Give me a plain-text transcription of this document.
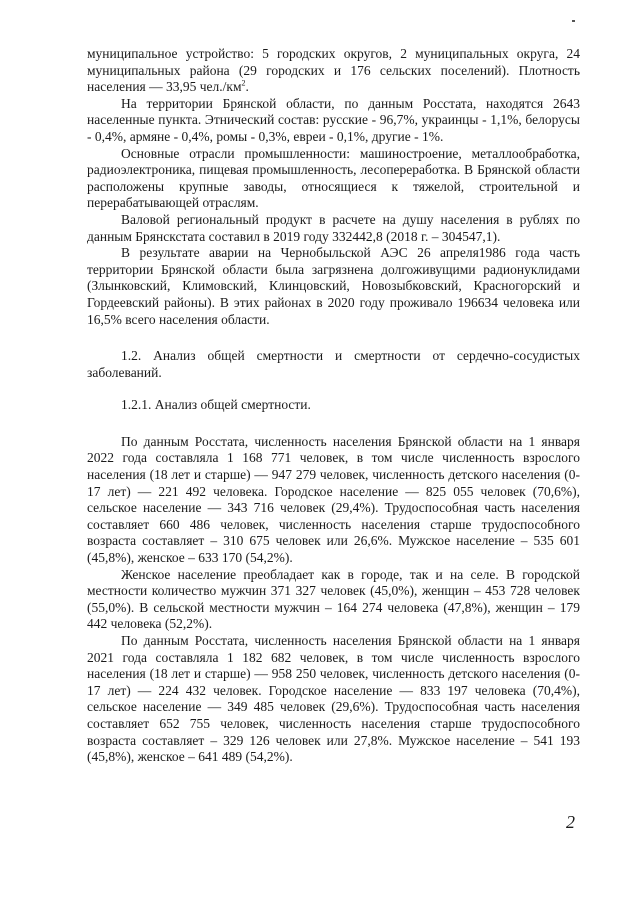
муниципальное устройство: 5 городских округов, 2 муниципальных округа, 24 муниципальных района (29 городских и 176 сельских поселений). Плотность населения — 33,95 $чел./км^2$.

На территории Брянской области, по данным Росстата, находятся 2643 населенные пункта. Этнический состав: русские - 96,7%, украинцы - 1,1%, белорусы - 0,4%, армяне - 0,4%, ромы - 0,3%, евреи - 0,1%, другие - 1%.

Основные отрасли промышленности: машиностроение, металлообработка, радиоэлектроника, пищевая промышленность, лесопереработка. В Брянской области расположены крупные заводы, относящиеся к тяжелой, строительной и перерабатывающей отраслям.

Валовой региональный продукт в расчете на душу населения в рублях по данным Брянскстата составил в 2019 году 332442,8 (2018 г. – 304547,1).

В результате аварии на Чернобыльской АЭС 26 апреля1986 года часть территории Брянской области была загрязнена долгоживущими радионуклидами (Злынковский, Климовский, Клинцовский, Новозыбковский, Красногорский и Гордеевский районы). В этих районах в 2020 году проживало 196634 человека или 16,5% всего населения области.

1.2. Анализ общей смертности и смертности от сердечно-сосудистых заболеваний.

1.2.1. Анализ общей смертности.

По данным Росстата, численность населения Брянской области на 1 января 2022 года составляла 1 168 771 человек, в том числе численность взрослого населения (18 лет и старше) — 947 279 человек, численность детского населения (0-17 лет) — 221 492 человека. Городское население — 825 055 человек (70,6%), сельское население — 343 716 человек (29,4%). Трудоспособная часть населения составляет 660 486 человек, численность населения старше трудоспособного возраста составляет – 310 675 человек или 26,6%. Мужское население – 535 601 (45,8%), женское – 633 170 (54,2%).

Женское население преобладает как в городе, так и на селе. В городской местности количество мужчин 371 327 человек (45,0%), женщин – 453 728 человек (55,0%). В сельской местности мужчин – 164 274 человека (47,8%), женщин – 179 442 человека (52,2%).

По данным Росстата, численность населения Брянской области на 1 января 2021 года составляла 1 182 682 человек, в том числе численность взрослого населения (18 лет и старше) — 958 250 человек, численность детского населения (0-17 лет) — 224 432 человек. Городское население — 833 197 человека (70,4%), сельское население — 349 485 человек (29,6%). Трудоспособная часть населения составляет 652 755 человек, численность населения старше трудоспособного возраста составляет – 329 126 человек или 27,8%. Мужское население – 541 193 (45,8%), женское – 641 489 (54,2%).

2
